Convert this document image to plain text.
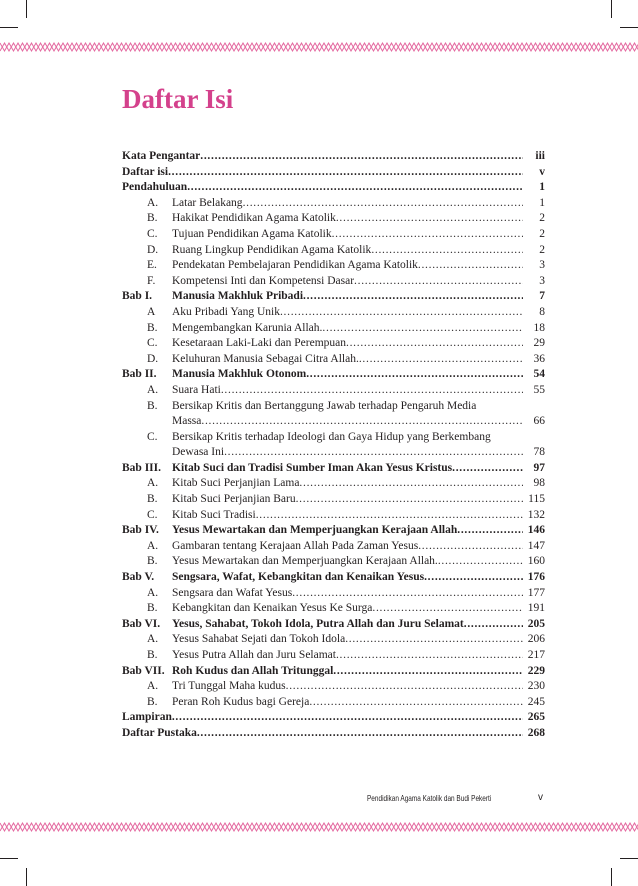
Daftar Isi
Kata Pengantar .....	iii
Daftar isi .....	v
Pendahuluan .....	1
A.	Latar Belakang .....	1
B.	Hakikat Pendidikan Agama Katolik .....	2
C.	Tujuan Pendidikan Agama Katolik .....	2
D.	Ruang Lingkup Pendidikan Agama Katolik .....	2
E.	Pendekatan Pembelajaran Pendidikan Agama Katolik .....	3
F.	Kompetensi Inti dan Kompetensi Dasar .....	3
Bab I.	Manusia Makhluk Pribadi .....	7
A	Aku Pribadi Yang Unik .....	8
B.	Mengembangkan Karunia Allah. .....	18
C.	Kesetaraan Laki-Laki dan Perempuan .....	29
D.	Keluhuran Manusia Sebagai Citra Allah. .....	36
Bab II.	Manusia Makhluk Otonom .....	54
A.	Suara Hati .....	55
B.	Bersikap Kritis dan Bertanggung Jawab terhadap Pengaruh Media
Massa .....	66
C.	Bersikap Kritis terhadap Ideologi dan Gaya Hidup yang Berkembang
Dewasa Ini .....	78
Bab III. Kitab Suci dan Tradisi Sumber Iman Akan Yesus Kristus .....	97
A.	Kitab Suci Perjanjian Lama .....	98
B.	Kitab Suci Perjanjian Baru .....	115
C.	Kitab Suci Tradisi .....	132
Bab IV.	Yesus Mewartakan dan Memperjuangkan Kerajaan Allah .....	146
A.	Gambaran tentang Kerajaan Allah Pada Zaman Yesus .....	147
B.	Yesus Mewartakan dan Memperjuangkan Kerajaan Allah. .....	160
Bab V.	Sengsara, Wafat, Kebangkitan dan Kenaikan Yesus .....	176
A.	Sengsara dan Wafat Yesus .....	177
B.	Kebangkitan dan Kenaikan Yesus Ke Surga .....	191
Bab VI.	Yesus, Sahabat, Tokoh Idola, Putra Allah dan Juru Selamat .....	205
A.	Yesus Sahabat Sejati dan Tokoh Idola .....	206
B.	Yesus Putra Allah dan Juru Selamat .....	217
Bab VII. Roh Kudus dan Allah Tritunggal .....	229
A.	Tri Tunggal Maha kudus .....	230
B.	Peran Roh Kudus bagi Gereja .....	245
Lampiran .....	265
Daftar Pustaka .....	268
Pendidikan Agama Katolik dan Budi Pekerti	v
